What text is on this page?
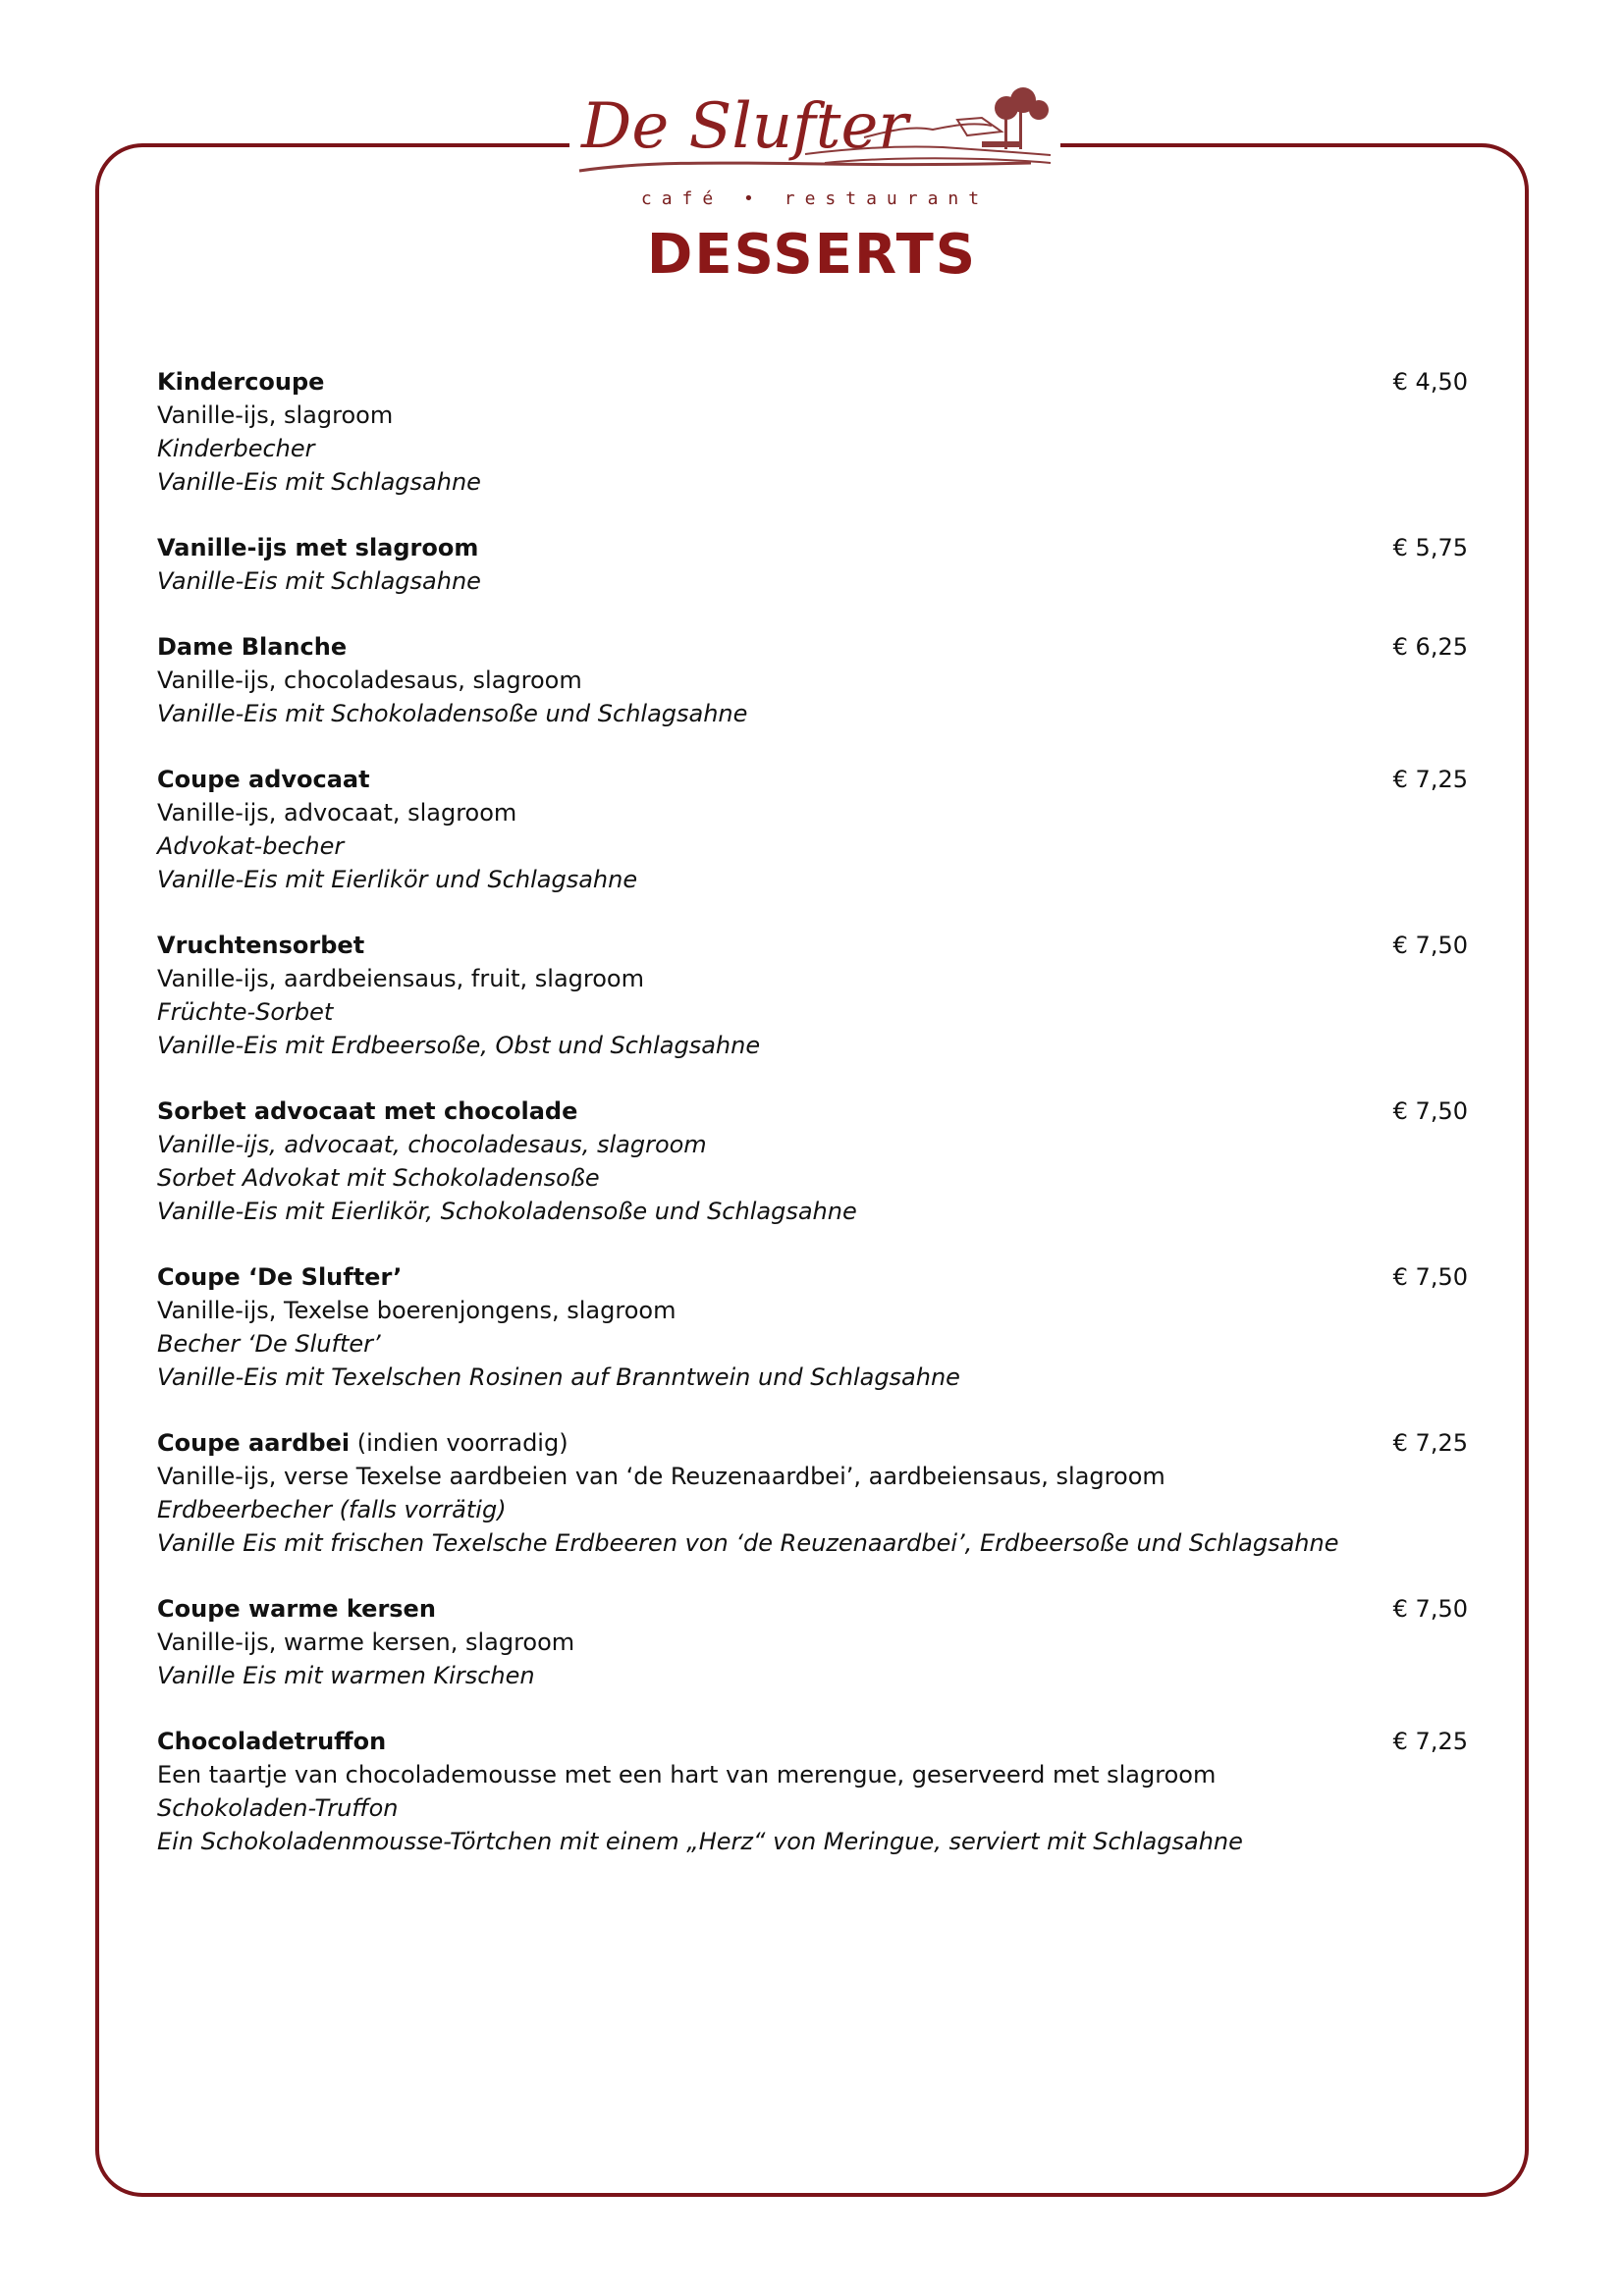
De Slufter
café • restaurant
DESSERTS
Kindercoupe	€ 4,50
Vanille-ijs, slagroom
Kinderbecher
Vanille-Eis mit Schlagsahne
Vanille-ijs met slagroom	€ 5,75
Vanille-Eis mit Schlagsahne
Dame Blanche	€ 6,25
Vanille-ijs, chocoladesaus, slagroom
Vanille-Eis mit Schokoladensoße und Schlagsahne
Coupe advocaat	€ 7,25
Vanille-ijs, advocaat, slagroom
Advokat-becher
Vanille-Eis mit Eierlikör und Schlagsahne
Vruchtensorbet	€ 7,50
Vanille-ijs, aardbeiensaus, fruit, slagroom
Früchte-Sorbet
Vanille-Eis mit Erdbeersoße, Obst und Schlagsahne
Sorbet advocaat met chocolade	€ 7,50
Vanille-ijs, advocaat, chocoladesaus, slagroom
Sorbet Advokat mit Schokoladensoße
Vanille-Eis mit Eierlikör, Schokoladensoße und Schlagsahne
Coupe ‘De Slufter’	€ 7,50
Vanille-ijs, Texelse boerenjongens, slagroom
Becher ‘De Slufter’
Vanille-Eis mit Texelschen Rosinen auf Branntwein und Schlagsahne
Coupe aardbei (indien voorradig)	€ 7,25
Vanille-ijs, verse Texelse aardbeien van ‘de Reuzenaardbei’, aardbeiensaus, slagroom
Erdbeerbecher (falls vorrätig)
Vanille Eis mit frischen Texelsche Erdbeeren von ‘de Reuzenaardbei’, Erdbeersoße und Schlagsahne
Coupe warme kersen	€ 7,50
Vanille-ijs, warme kersen, slagroom
Vanille Eis mit warmen Kirschen
Chocoladetruffon	€ 7,25
Een taartje van chocolademousse met een hart van merengue, geserveerd met slagroom
Schokoladen-Truffon
Ein Schokoladenmousse-Törtchen mit einem „Herz“ von Meringue, serviert mit Schlagsahne
